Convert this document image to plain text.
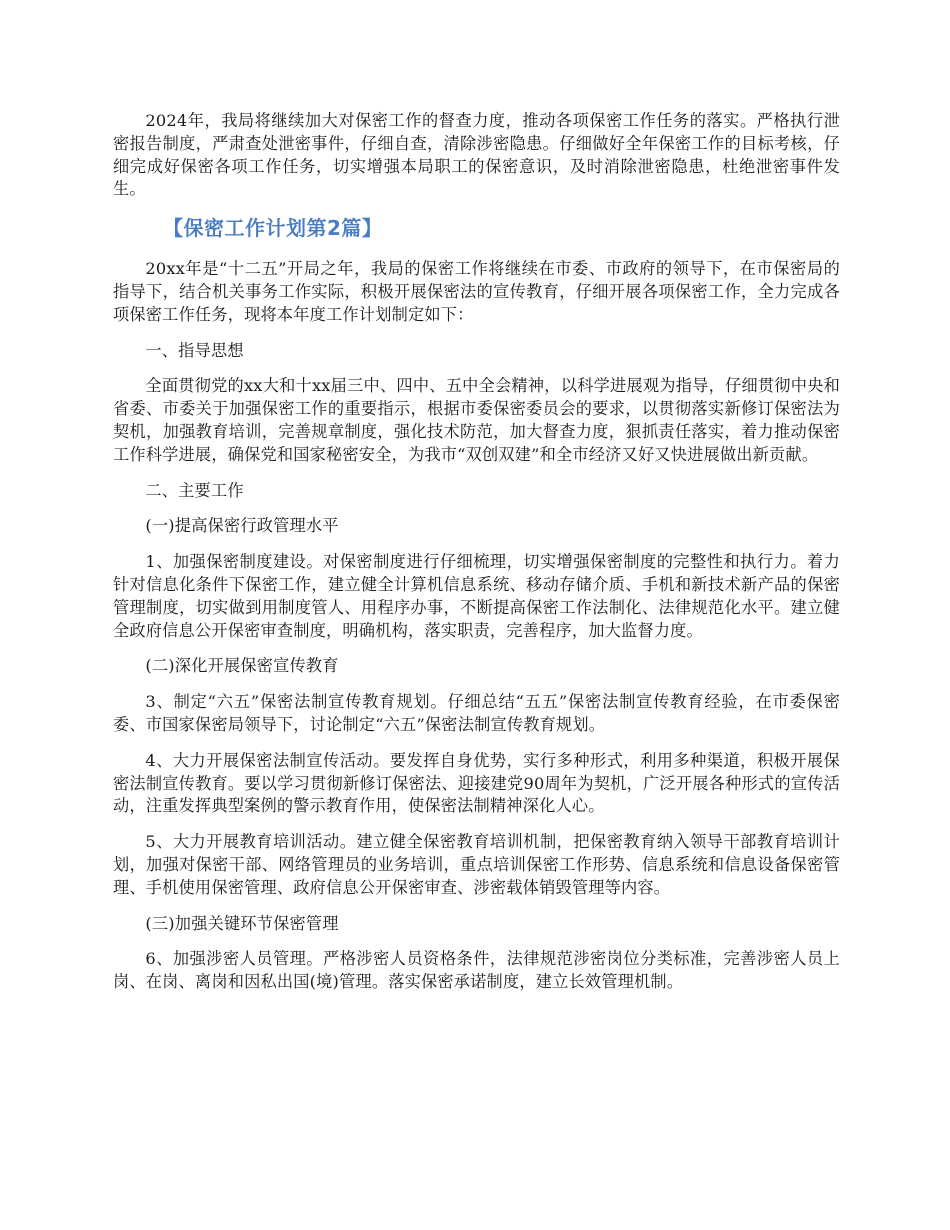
2024年，我局将继续加大对保密工作的督查力度，推动各项保密工作任务的落实。严格执行泄密报告制度，严肃查处泄密事件，仔细自查，清除涉密隐患。仔细做好全年保密工作的目标考核，仔细完成好保密各项工作任务，切实增强本局职工的保密意识，及时消除泄密隐患，杜绝泄密事件发生。

【保密工作计划第2篇】

20xx年是“十二五”开局之年，我局的保密工作将继续在市委、市政府的领导下，在市保密局的指导下，结合机关事务工作实际，积极开展保密法的宣传教育，仔细开展各项保密工作，全力完成各项保密工作任务，现将本年度工作计划制定如下：

一、指导思想

全面贯彻党的xx大和十xx届三中、四中、五中全会精神，以科学进展观为指导，仔细贯彻中央和省委、市委关于加强保密工作的重要指示，根据市委保密委员会的要求，以贯彻落实新修订保密法为契机，加强教育培训，完善规章制度，强化技术防范，加大督查力度，狠抓责任落实，着力推动保密工作科学进展，确保党和国家秘密安全，为我市“双创双建”和全市经济又好又快进展做出新贡献。

二、主要工作

(一)提高保密行政管理水平

1、加强保密制度建设。对保密制度进行仔细梳理，切实增强保密制度的完整性和执行力。着力针对信息化条件下保密工作，建立健全计算机信息系统、移动存储介质、手机和新技术新产品的保密管理制度，切实做到用制度管人、用程序办事，不断提高保密工作法制化、法律规范化水平。建立健全政府信息公开保密审查制度，明确机构，落实职责，完善程序，加大监督力度。

(二)深化开展保密宣传教育

3、制定“六五”保密法制宣传教育规划。仔细总结“五五”保密法制宣传教育经验，在市委保密委、市国家保密局领导下，讨论制定“六五”保密法制宣传教育规划。

4、大力开展保密法制宣传活动。要发挥自身优势，实行多种形式，利用多种渠道，积极开展保密法制宣传教育。要以学习贯彻新修订保密法、迎接建党90周年为契机，广泛开展各种形式的宣传活动，注重发挥典型案例的警示教育作用，使保密法制精神深化人心。

5、大力开展教育培训活动。建立健全保密教育培训机制，把保密教育纳入领导干部教育培训计划，加强对保密干部、网络管理员的业务培训，重点培训保密工作形势、信息系统和信息设备保密管理、手机使用保密管理、政府信息公开保密审查、涉密载体销毁管理等内容。

(三)加强关键环节保密管理

6、加强涉密人员管理。严格涉密人员资格条件，法律规范涉密岗位分类标准，完善涉密人员上岗、在岗、离岗和因私出国(境)管理。落实保密承诺制度，建立长效管理机制。
